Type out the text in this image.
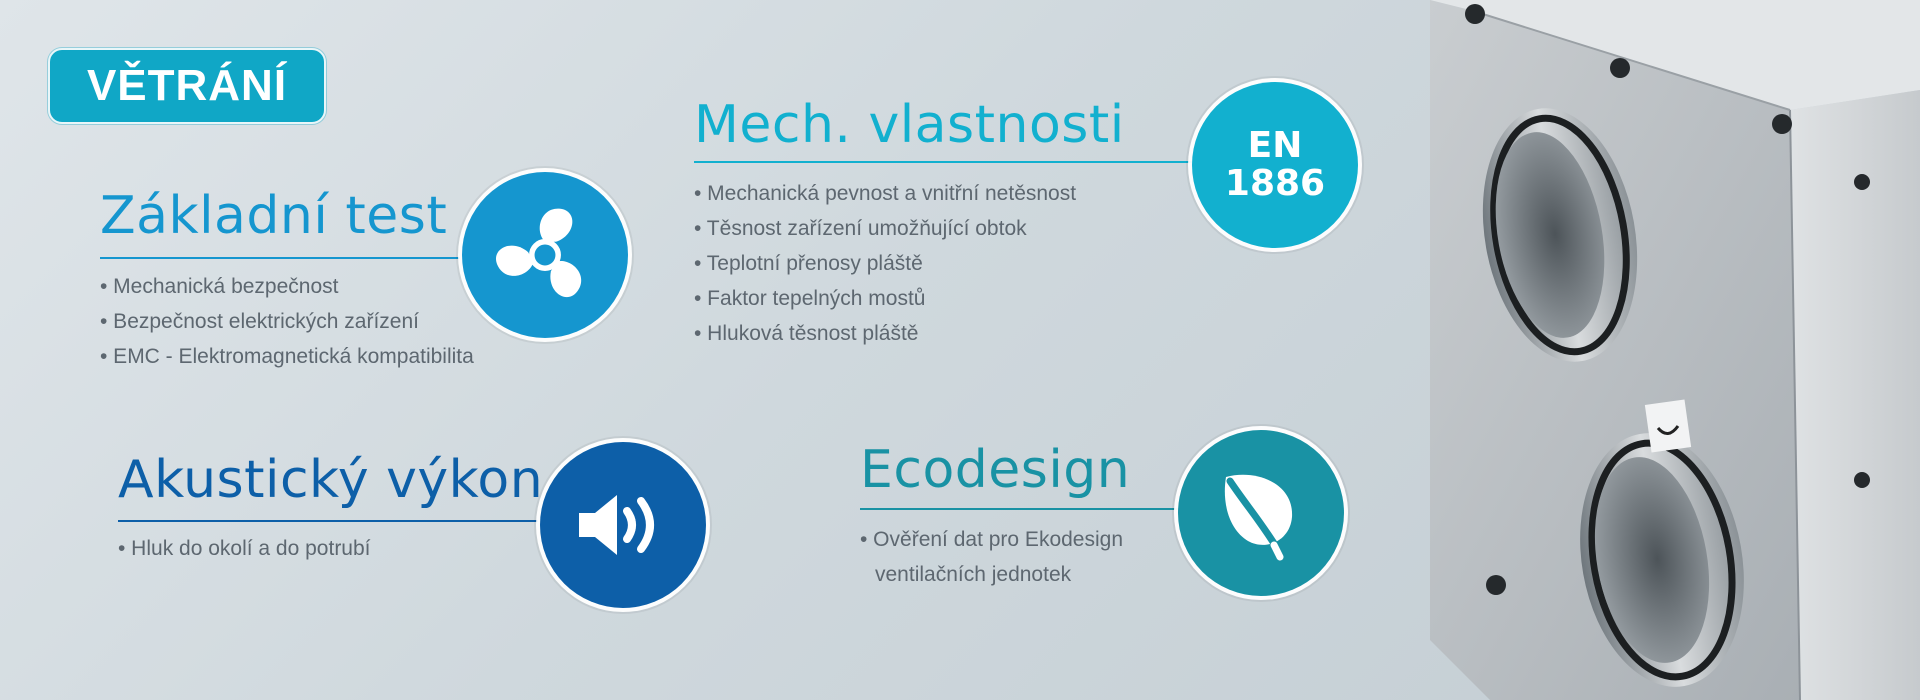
VĚTRÁNÍ
Základní test
• Mechanická bezpečnost
• Bezpečnost elektrických zařízení
• EMC - Elektromagnetická kompatibilita
Mech. vlastnosti
• Mechanická pevnost a vnitřní netěsnost
• Těsnost zařízení umožňující obtok
• Teplotní přenosy pláště
• Faktor tepelných mostů
• Hluková těsnost pláště
EN
1886
Akustický výkon
• Hluk do okolí a do potrubí
Ecodesign
• Ověření dat pro Ekodesign
ventilačních jednotek
